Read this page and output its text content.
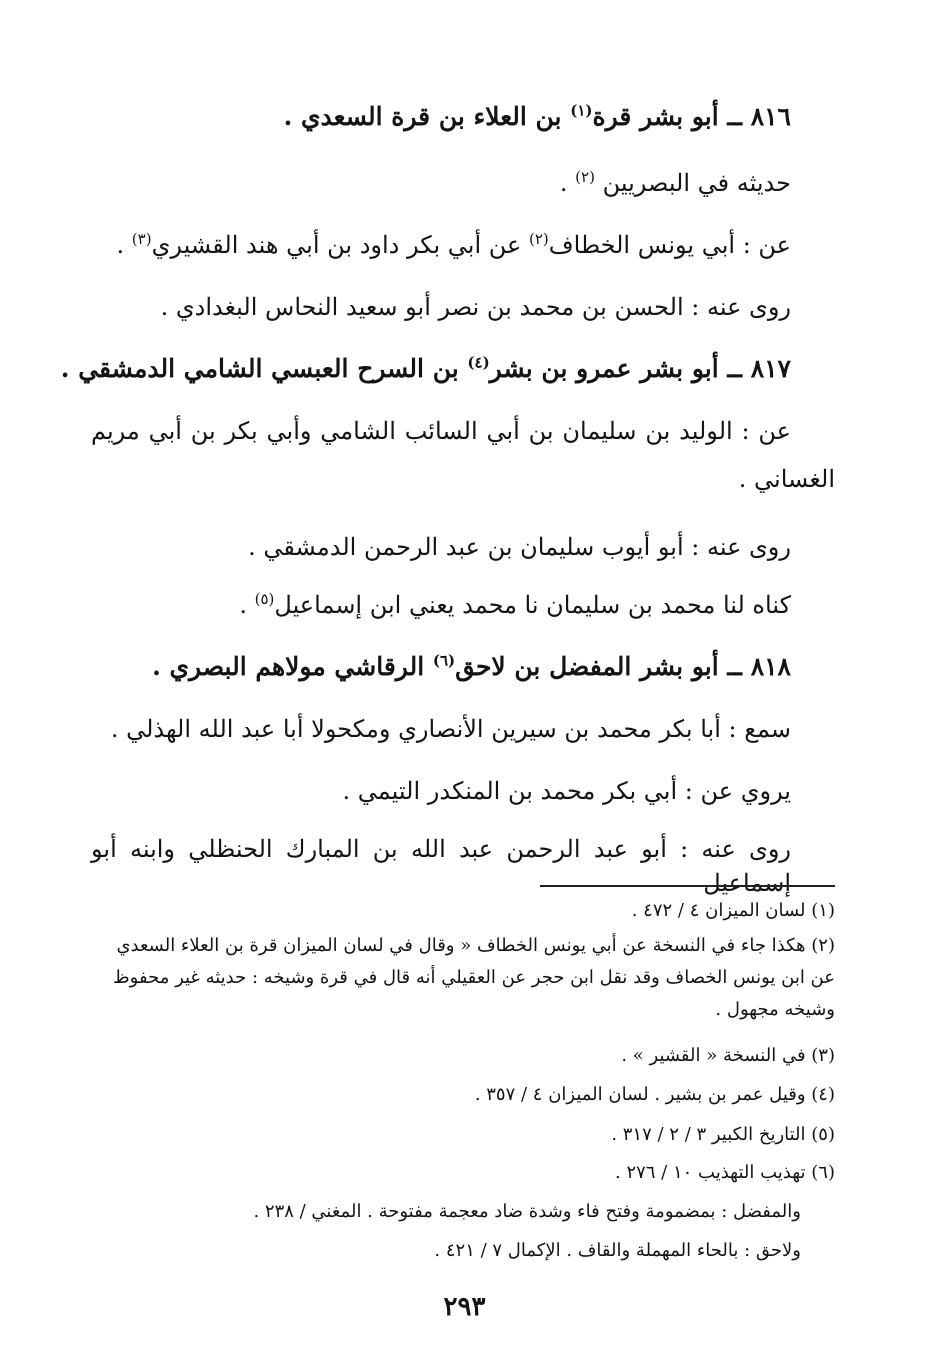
٨١٦ ــ أبو بشر قرة$^{(١)}$ بن العلاء بن قرة السعدي .
حديثه في البصريين $^{(٢)}$ .
عن : أبي يونس الخطاف$^{(٢)}$ عن أبي بكر داود بن أبي هند القشيري$^{(٣)}$ .
روى عنه : الحسن بن محمد بن نصر أبو سعيد النحاس البغدادي .
٨١٧ ــ أبو بشر عمرو بن بشر$^{(٤)}$ بن السرح العبسي الشامي الدمشقي .
عن : الوليد بن سليمان بن أبي السائب الشامي وأبي بكر بن أبي مريم
الغساني .
روى عنه : أبو أيوب سليمان بن عبد الرحمن الدمشقي .
كناه لنا محمد بن سليمان نا محمد يعني ابن إسماعيل$^{(٥)}$ .
٨١٨ ــ أبو بشر المفضل بن لاحق$^{(٦)}$ الرقاشي مولاهم البصري .
سمع : أبا بكر محمد بن سيرين الأنصاري ومكحولا أبا عبد الله الهذلي .
يروي عن : أبي بكر محمد بن المنكدر التيمي .
روى عنه : أبو عبد الرحمن عبد الله بن المبارك الحنظلي وابنه أبو إسماعيل
(١) لسان الميزان ٤ / ٤٧٢ .
(٢) هكذا جاء في النسخة عن أبي يونس الخطاف « وقال في لسان الميزان قرة بن العلاء السعدي عن ابن يونس الخصاف وقد نقل ابن حجر عن العقيلي أنه قال في قرة وشيخه : حديثه غير محفوظ وشيخه مجهول .
(٣) في النسخة « القشير » .
(٤) وقيل عمر بن بشير . لسان الميزان ٤ / ٣٥٧ .
(٥) التاريخ الكبير ٣ / ٢ / ٣١٧ .
(٦) تهذيب التهذيب ١٠ / ٢٧٦ .
والمفضل : بمضمومة وفتح فاء وشدة ضاد معجمة مفتوحة . المغني / ٢٣٨ .
ولاحق : بالحاء المهملة والقاف . الإكمال ٧ / ٤٢١ .
٢٩٣
